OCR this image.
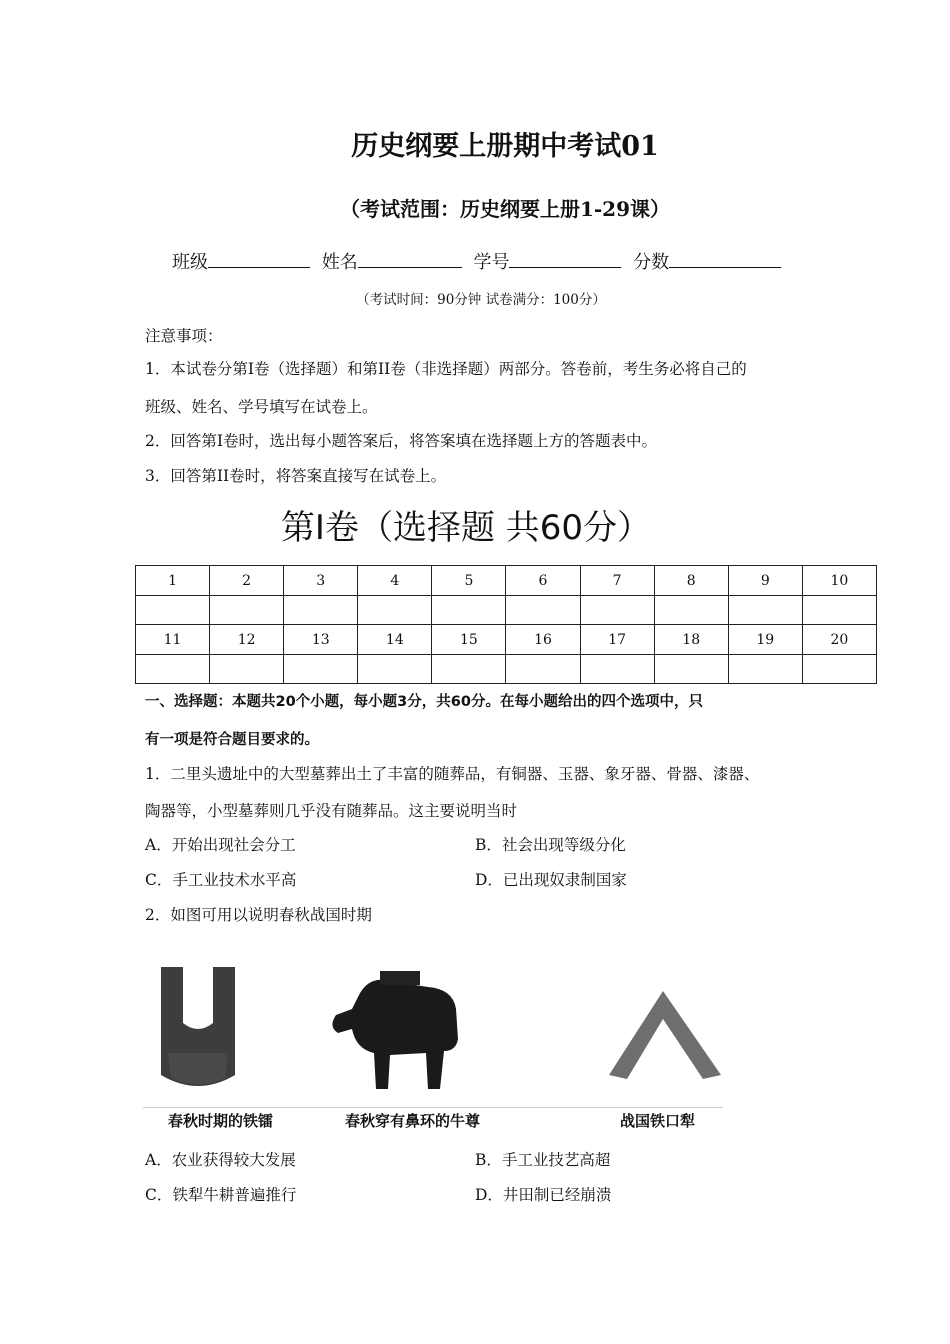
历史纲要上册期中考试01
（考试范围：历史纲要上册1-29课）
班级	姓名	学号	分数
（考试时间：90分钟 试卷满分：100分）
注意事项：
1．本试卷分第I卷（选择题）和第II卷（非选择题）两部分。答卷前，考生务必将自己的
班级、姓名、学号填写在试卷上。
2．回答第I卷时，选出每小题答案后，将答案填在选择题上方的答题表中。
3．回答第II卷时，将答案直接写在试卷上。
第Ⅰ卷（选择题 共60分）
1	2	3	4	5	6	7	8	9	10

11	12	13	14	15	16	17	18	19	20

一、选择题：本题共20个小题，每小题3分，共60分。在每小题给出的四个选项中，只
有一项是符合题目要求的。
1．二里头遗址中的大型墓葬出土了丰富的随葬品，有铜器、玉器、象牙器、骨器、漆器、
陶器等，小型墓葬则几乎没有随葬品。这主要说明当时
A．开始出现社会分工	B．社会出现等级分化
C．手工业技术水平高	D．已出现奴隶制国家
2．如图可用以说明春秋战国时期
春秋时期的铁镭	春秋穿有鼻环的牛尊	战国铁口犁
A．农业获得较大发展	B．手工业技艺高超
C．铁犁牛耕普遍推行	D．井田制已经崩溃
